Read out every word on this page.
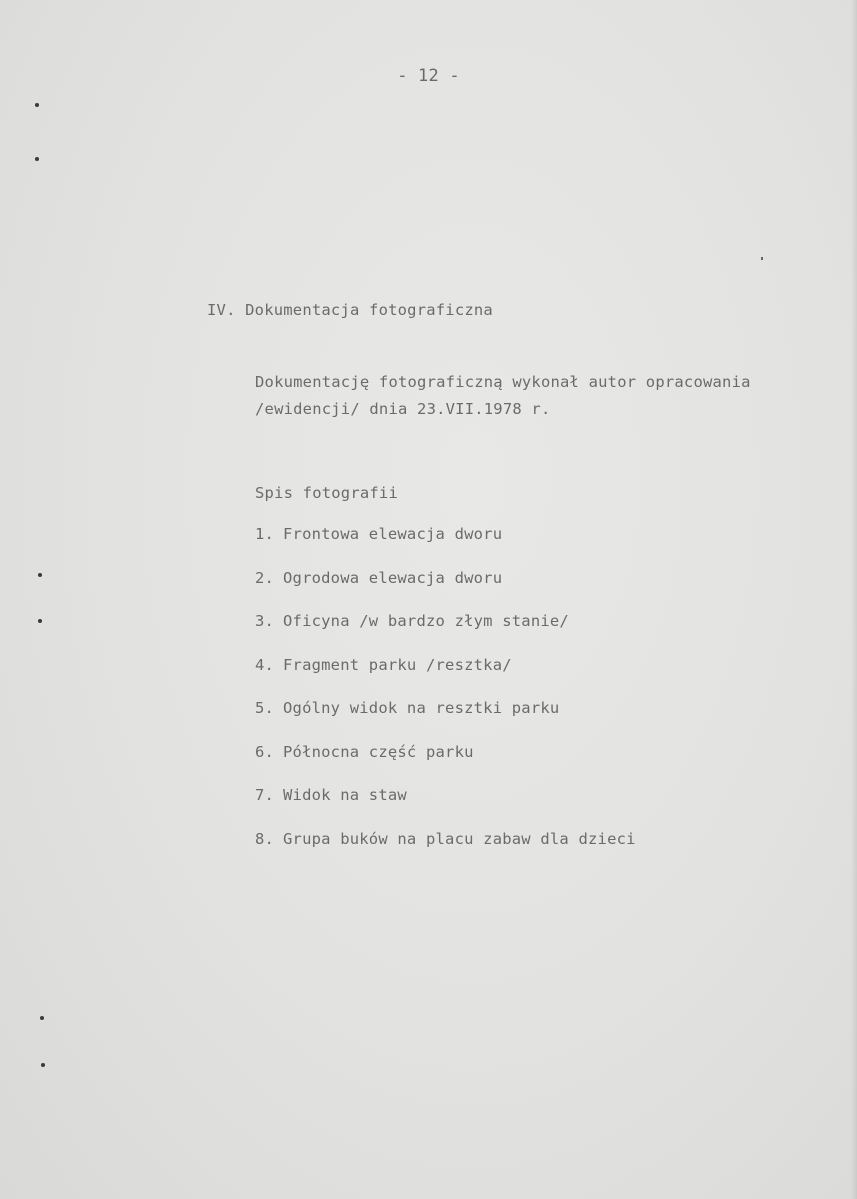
- 12 -
IV. Dokumentacja fotograficzna
Dokumentację fotograficzną wykonał autor opracowania
/ewidencji/ dnia 23.VII.1978 r.
Spis fotografii
1. Frontowa elewacja dworu
2. Ogrodowa elewacja dworu
3. Oficyna /w bardzo złym stanie/
4. Fragment parku /resztka/
5. Ogólny widok na resztki parku
6. Północna część parku
7. Widok na staw
8. Grupa buków na placu zabaw dla dzieci
